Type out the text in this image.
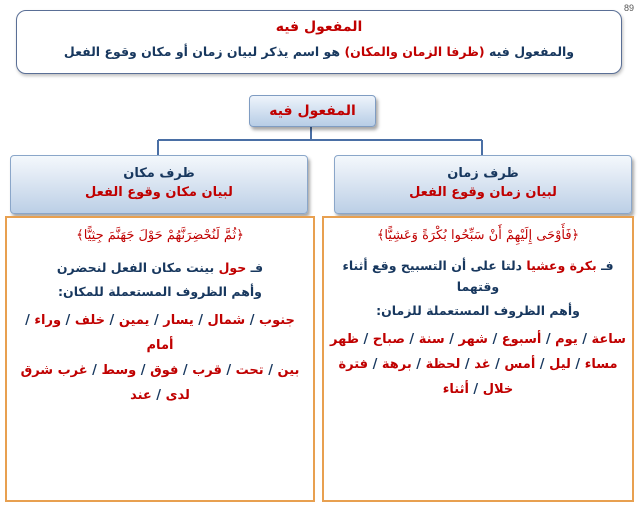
89
المفعول فيه
والمفعول فيه (ظرفا الزمان والمكان) هو اسم يذكر لبيان زمان أو مكان وقوع الفعل
المفعول فيه
ظرف زمان
لبيان زمان وقوع الفعل
ظرف مكان
لبيان مكان وقوع الفعل
﴿فَأَوْحَى إِلَيْهِمْ أَنْ سَبِّحُوا بُكْرَةً وَعَشِيًّا﴾
فـ بكرة وعشيا دلتا على أن التسبيح وقع أثناء
وقتهما
وأهم الظروف المستعملة للزمان:
ساعة / يوم / أسبوع / شهر / سنة / صباح / ظهر
مساء / ليل / أمس / غد / لحظة / برهة / فترة
خلال / أثناء
﴿ثُمَّ لَنُحْضِرَنَّهُمْ حَوْلَ جَهَنَّمَ جِثِيًّا﴾
فـ حول بينت مكان الفعل لنحضرن
وأهم الظروف المستعملة للمكان:
جنوب / شمال / يسار / يمين / خلف / وراء / أمام
بين / تحت / قرب / فوق / وسط / غرب شرق
لدى / عند
